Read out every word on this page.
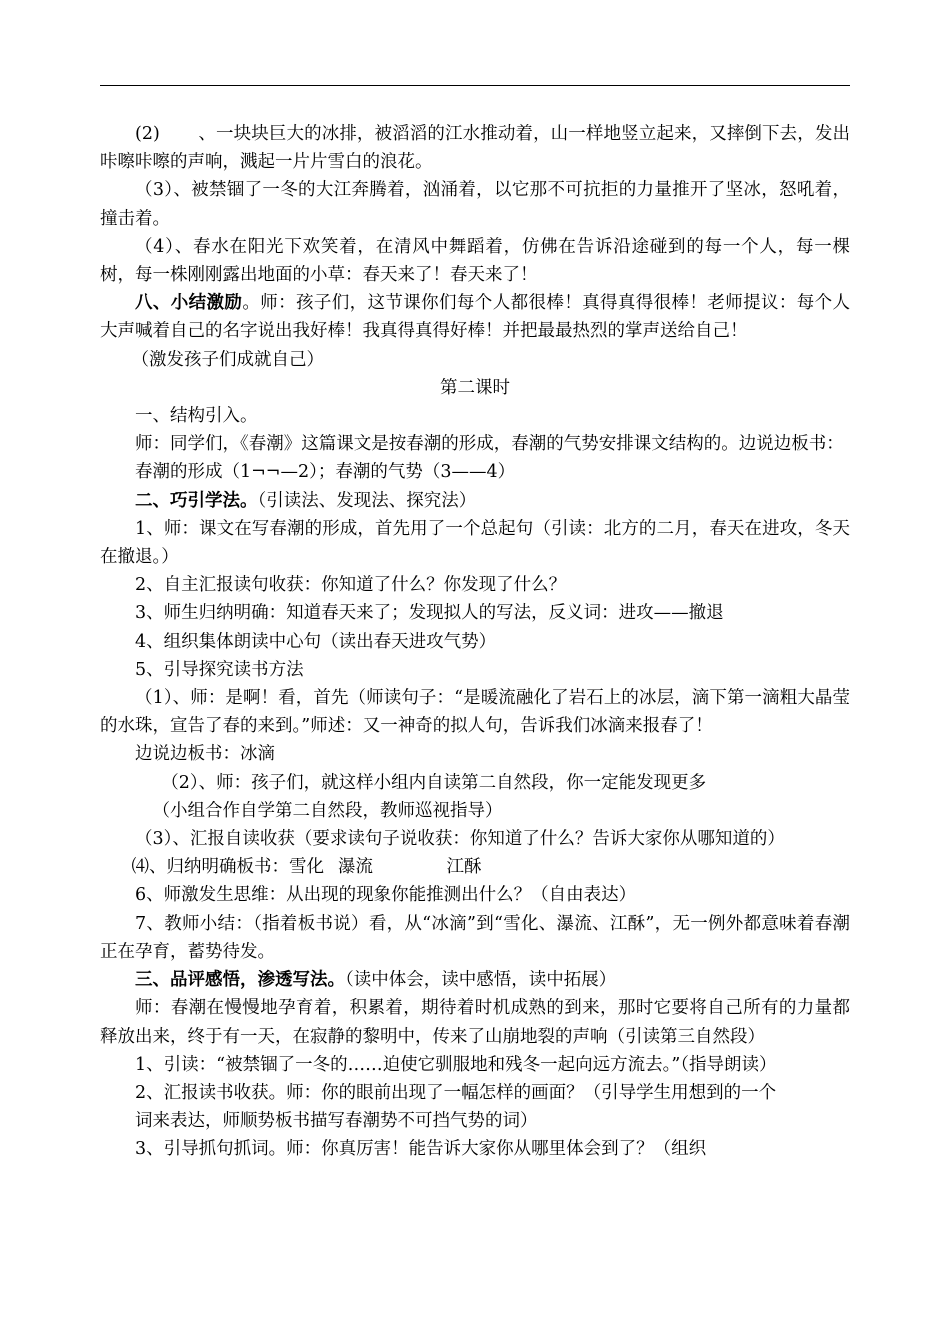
(2) 、一块块巨大的冰排，被滔滔的江水推动着，山一样地竖立起来，又摔倒下去，发出咔嚓咔嚓的声响，溅起一片片雪白的浪花。

（3）、被禁锢了一冬的大江奔腾着，汹涌着，以它那不可抗拒的力量推开了坚冰，怒吼着，撞击着。

（4）、春水在阳光下欢笑着，在清风中舞蹈着，仿佛在告诉沿途碰到的每一个人，每一棵树，每一株刚刚露出地面的小草：春天来了！春天来了！

八、小结激励。师：孩子们，这节课你们每个人都很棒！真得真得很棒！老师提议：每个人大声喊着自己的名字说出我好棒！我真得真得好棒！并把最最热烈的掌声送给自己！

（激发孩子们成就自己）

第二课时

一、结构引入。

师：同学们，《春潮》这篇课文是按春潮的形成，春潮的气势安排课文结构的。边说边板书：

春潮的形成（1¬¬—2）；春潮的气势（3——4）

二、巧引学法。（引读法、发现法、探究法）

1、师：课文在写春潮的形成，首先用了一个总起句（引读：北方的二月，春天在进攻，冬天在撤退。）

2、自主汇报读句收获：你知道了什么？你发现了什么？

3、师生归纳明确：知道春天来了；发现拟人的写法，反义词：进攻——撤退

4、组织集体朗读中心句（读出春天进攻气势）

5、引导探究读书方法

（1）、师：是啊！看，首先（师读句子：“是暖流融化了岩石上的冰层，滴下第一滴粗大晶莹的水珠，宣告了春的来到。”师述：又一神奇的拟人句，告诉我们冰滴来报春了！

边说边板书：冰滴

（2）、师：孩子们，就这样小组内自读第二自然段，你一定能发现更多

（小组合作自学第二自然段，教师巡视指导）

（3）、汇报自读收获（要求读句子说收获：你知道了什么？告诉大家你从哪知道的）

⑷、归纳明确板书：雪化 瀑流	江酥

6、师激发生思维：从出现的现象你能推测出什么？（自由表达）

7、教师小结：（指着板书说）看，从“冰滴”到“雪化、瀑流、江酥”，无一例外都意味着春潮正在孕育，蓄势待发。

三、品评感悟，渗透写法。（读中体会，读中感悟，读中拓展）

师：春潮在慢慢地孕育着，积累着，期待着时机成熟的到来，那时它要将自己所有的力量都释放出来，终于有一天，在寂静的黎明中，传来了山崩地裂的声响（引读第三自然段）

1、引读：“被禁锢了一冬的……迫使它驯服地和残冬一起向远方流去。”（指导朗读）

2、汇报读书收获。师：你的眼前出现了一幅怎样的画面？（引导学生用想到的一个

词来表达，师顺势板书描写春潮势不可挡气势的词）

3、引导抓句抓词。师：你真厉害！能告诉大家你从哪里体会到了？（组织
